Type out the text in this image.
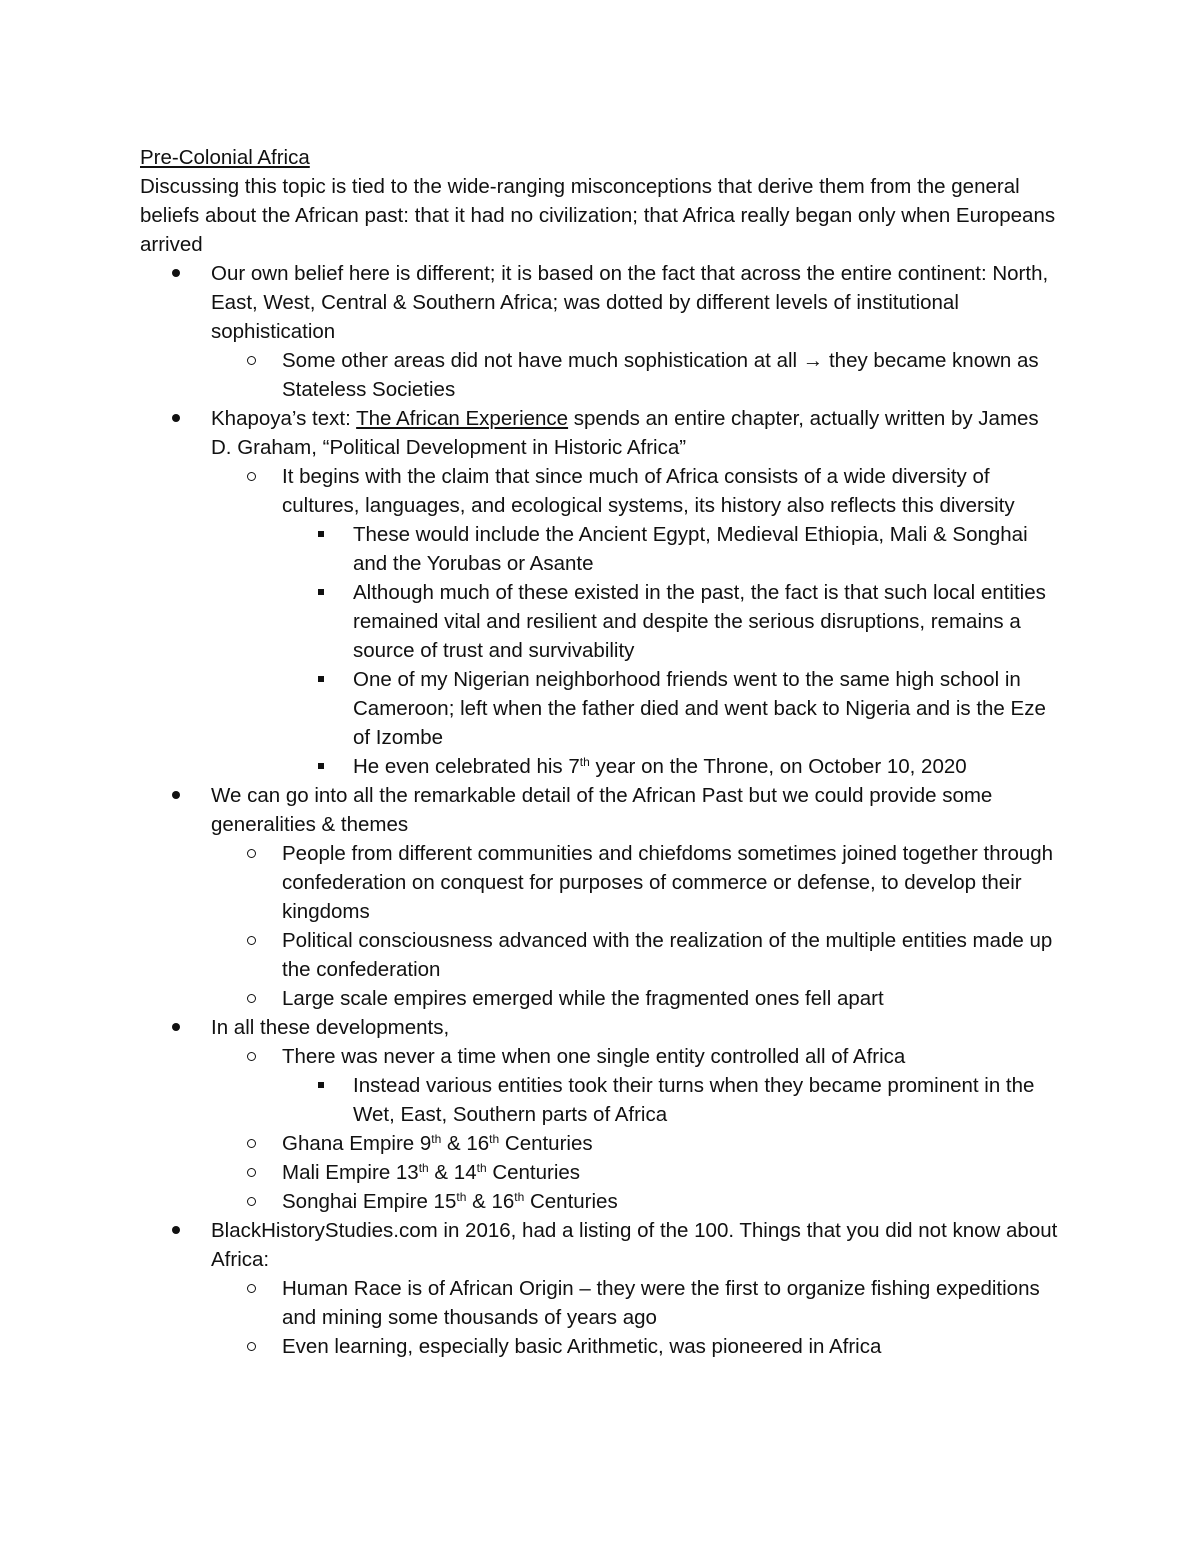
Pre-Colonial Africa
Discussing this topic is tied to the wide-ranging misconceptions that derive them from the general beliefs about the African past: that it had no civilization; that Africa really began only when Europeans arrived
Our own belief here is different; it is based on the fact that across the entire continent: North, East, West, Central & Southern Africa; was dotted by different levels of institutional sophistication
Some other areas did not have much sophistication at all → they became known as Stateless Societies
Khapoya’s text: The African Experience spends an entire chapter, actually written by James D. Graham, “Political Development in Historic Africa”
It begins with the claim that since much of Africa consists of a wide diversity of cultures, languages, and ecological systems, its history also reflects this diversity
These would include the Ancient Egypt, Medieval Ethiopia, Mali & Songhai and the Yorubas or Asante
Although much of these existed in the past, the fact is that such local entities remained vital and resilient and despite the serious disruptions, remains a source of trust and survivability
One of my Nigerian neighborhood friends went to the same high school in Cameroon; left when the father died and went back to Nigeria and is the Eze of Izombe
He even celebrated his 7th year on the Throne, on October 10, 2020
We can go into all the remarkable detail of the African Past but we could provide some generalities & themes
People from different communities and chiefdoms sometimes joined together through confederation on conquest for purposes of commerce or defense, to develop their kingdoms
Political consciousness advanced with the realization of the multiple entities made up the confederation
Large scale empires emerged while the fragmented ones fell apart
In all these developments,
There was never a time when one single entity controlled all of Africa
Instead various entities took their turns when they became prominent in the Wet, East, Southern parts of Africa
Ghana Empire 9th & 16th Centuries
Mali Empire 13th & 14th Centuries
Songhai Empire 15th & 16th Centuries
BlackHistoryStudies.com in 2016, had a listing of the 100. Things that you did not know about Africa:
Human Race is of African Origin – they were the first to organize fishing expeditions and mining some thousands of years ago
Even learning, especially basic Arithmetic, was pioneered in Africa
